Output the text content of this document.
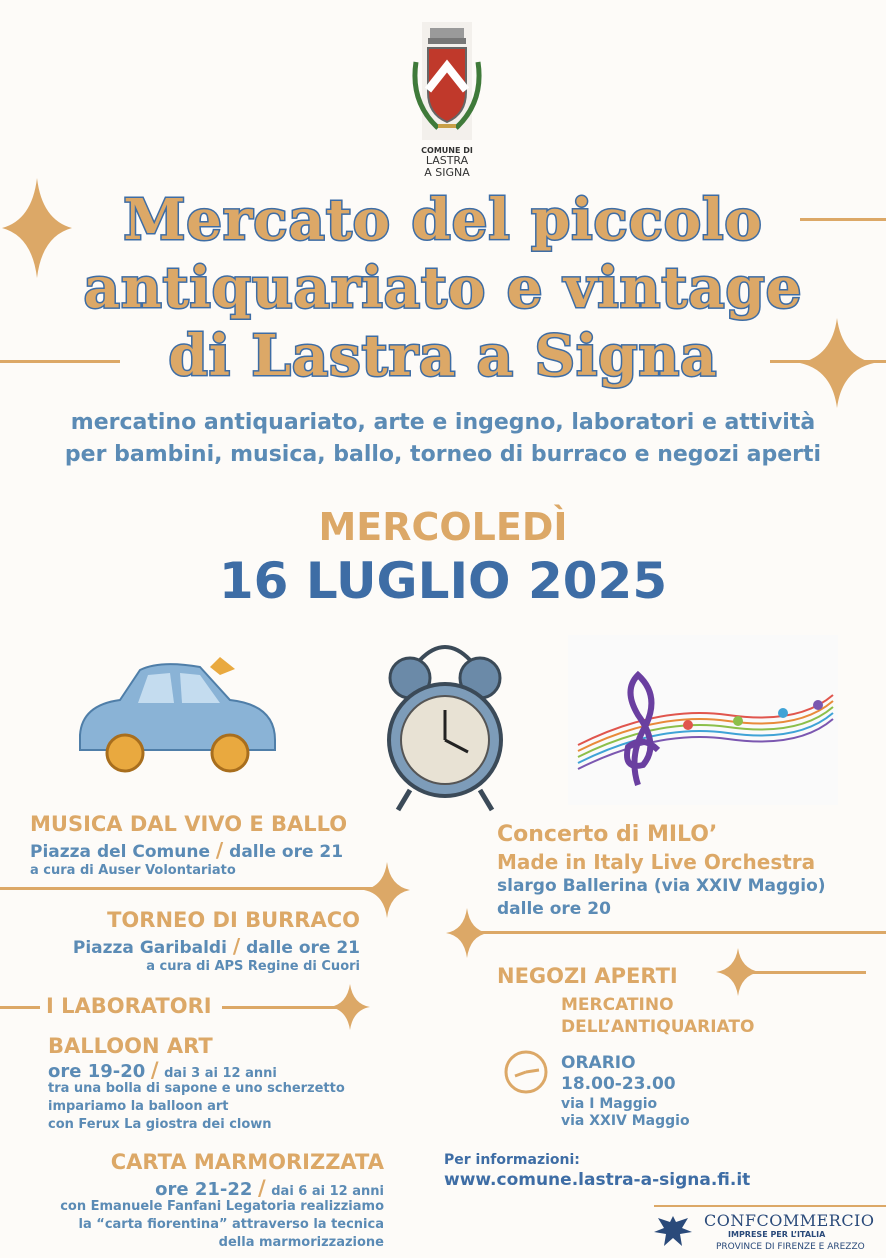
COMUNE DI
LASTRA
A SIGNA
Mercato del piccolo
antiquariato e vintage
di Lastra a Signa
mercatino antiquariato, arte e ingegno, laboratori e attività
per bambini, musica, ballo, torneo di burraco e negozi aperti
MERCOLEDÌ
16 LUGLIO 2025
MUSICA DAL VIVO E BALLO
Piazza del Comune / dalle ore 21
a cura di Auser Volontariato
TORNEO DI BURRACO
Piazza Garibaldi / dalle ore 21
a cura di APS Regine di Cuori
I LABORATORI
BALLOON ART
ore 19-20 / dai 3 ai 12 anni
tra una bolla di sapone e uno scherzetto
impariamo la balloon art
con Ferux La giostra dei clown
CARTA MARMORIZZATA
ore 21-22 / dai 6 ai 12 anni
con Emanuele Fanfani Legatoria realizziamo
la “carta fiorentina” attraverso la tecnica
della marmorizzazione
Concerto di MILO’
Made in Italy Live Orchestra
slargo Ballerina (via XXIV Maggio)
dalle ore 20
NEGOZI APERTI
MERCATINO
DELL’ANTIQUARIATO
ORARIO
18.00-23.00
via I Maggio
via XXIV Maggio
Per informazioni:
www.comune.lastra-a-signa.fi.it
CONFCOMMERCIO
IMPRESE PER L’ITALIA
PROVINCE DI FIRENZE E AREZZO
